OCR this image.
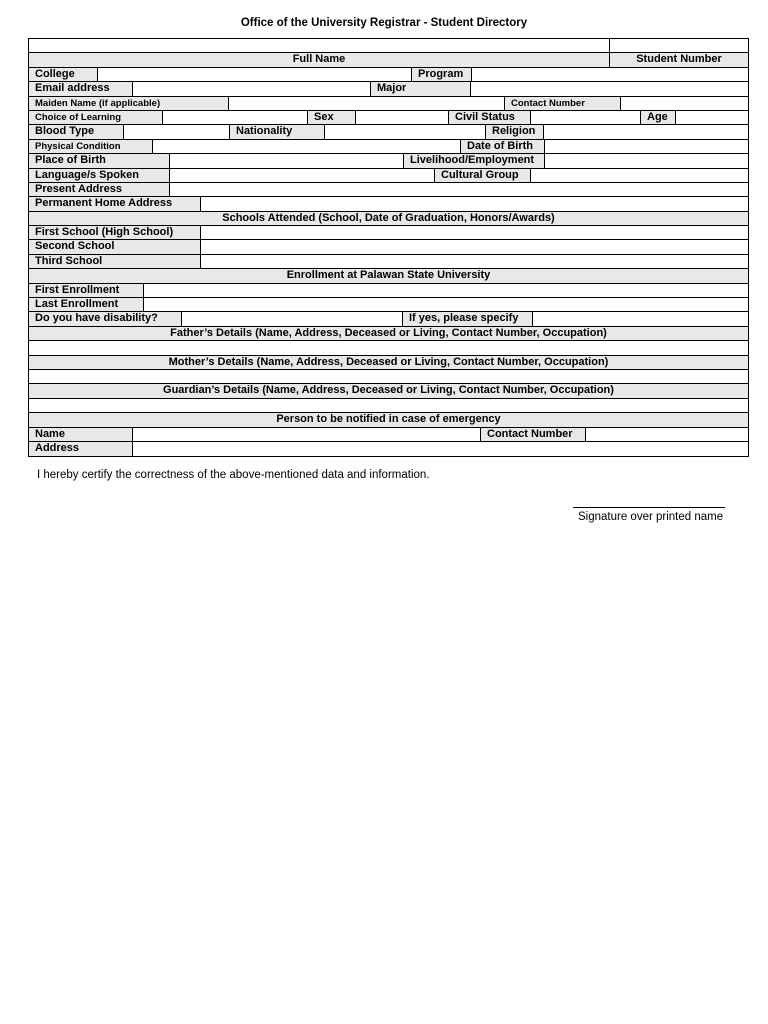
Office of the University Registrar - Student Directory
Full Name	Student Number
College	Program
Email address	Major
Maiden Name (if applicable)	Contact Number
Choice of Learning	Sex	Civil Status	Age
Blood Type	Nationality	Religion
Physical Condition	Date of Birth
Place of Birth	Livelihood/Employment
Language/s Spoken	Cultural Group
Present Address
Permanent Home Address
Schools Attended (School, Date of Graduation, Honors/Awards)
First School (High School)
Second School
Third School
Enrollment at Palawan State University
First Enrollment
Last Enrollment
Do you have disability?	If yes, please specify
Father’s Details (Name, Address, Deceased or Living, Contact Number, Occupation)
Mother’s Details (Name, Address, Deceased or Living, Contact Number, Occupation)
Guardian’s Details (Name, Address, Deceased or Living, Contact Number, Occupation)
Person to be notified in case of emergency
Name	Contact Number
Address
I hereby certify the correctness of the above-mentioned data and information.
Signature over printed name
